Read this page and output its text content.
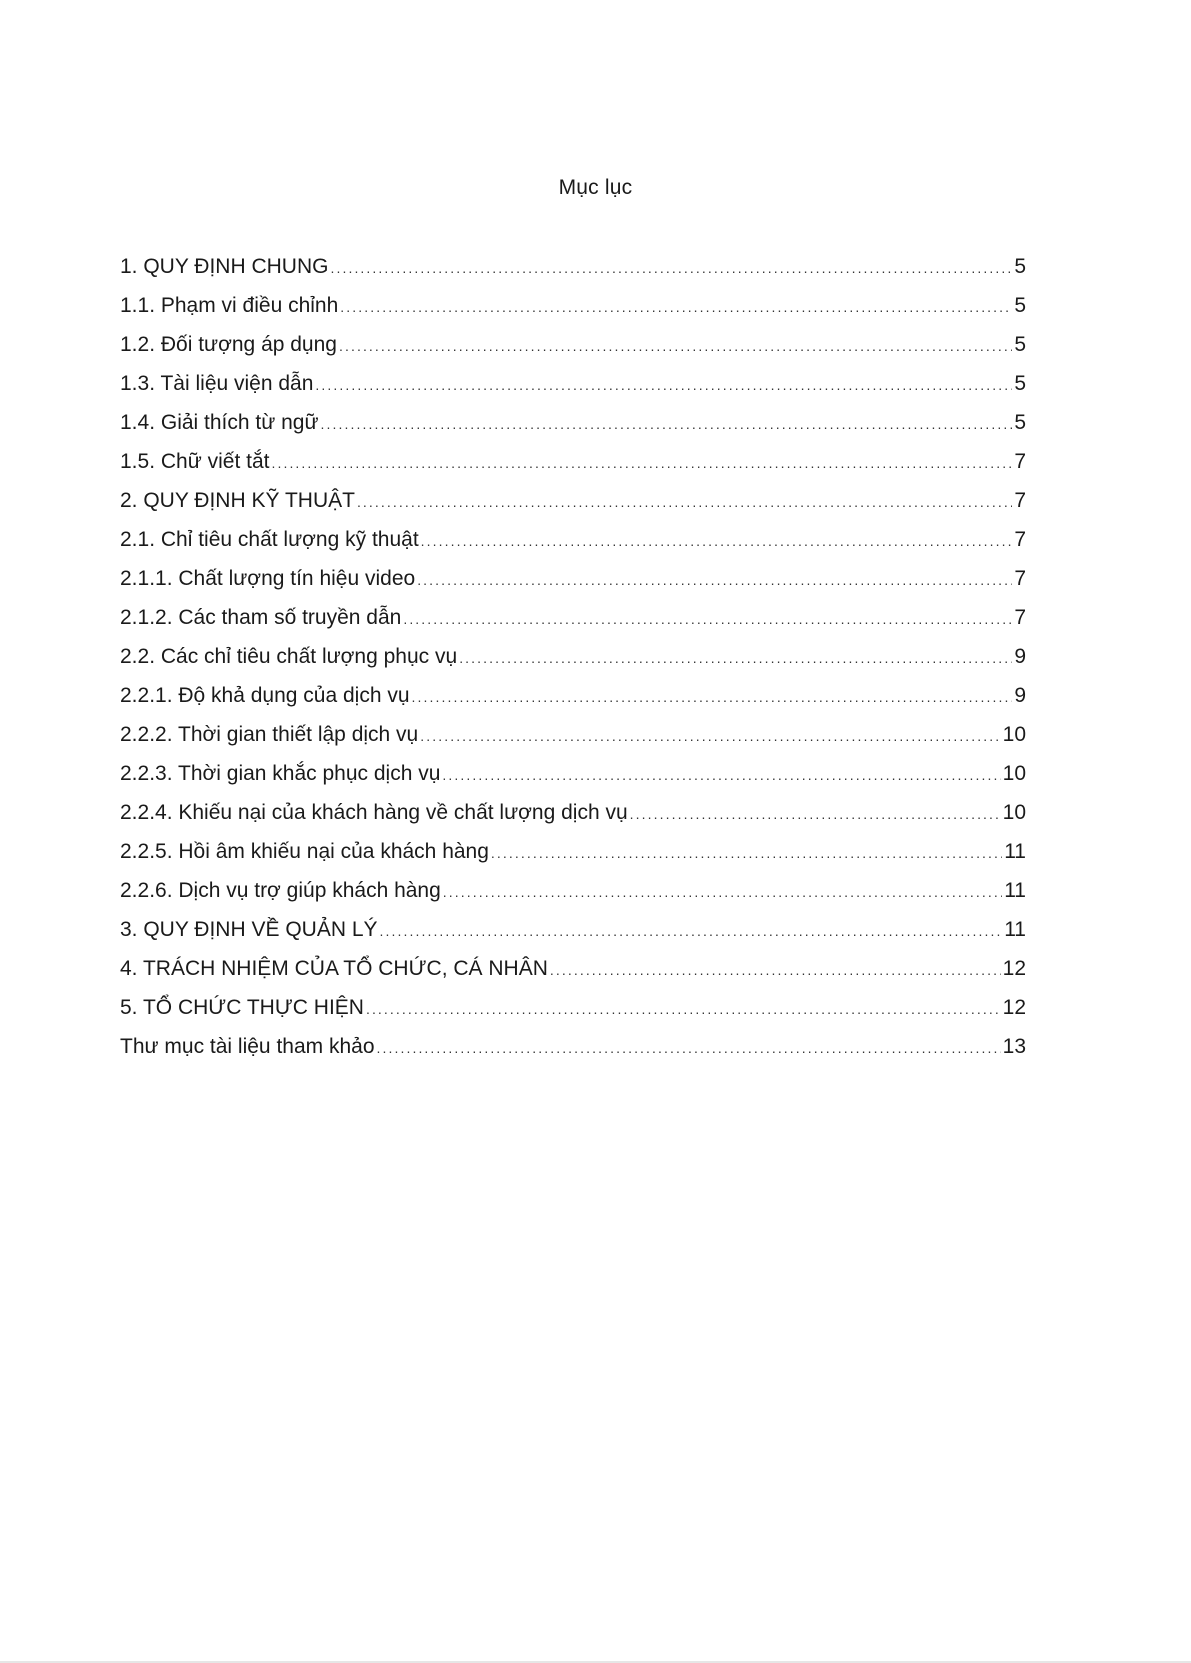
Mục lục
1. QUY ĐỊNH CHUNG .....	5
1.1. Phạm vi điều chỉnh .....	5
1.2. Đối tượng áp dụng .....	5
1.3. Tài liệu viện dẫn .....	5
1.4. Giải thích từ ngữ .....	5
1.5. Chữ viết tắt .....	7
2. QUY ĐỊNH KỸ THUẬT .....	7
2.1. Chỉ tiêu chất lượng kỹ thuật .....	7
2.1.1. Chất lượng tín hiệu video .....	7
2.1.2. Các tham số truyền dẫn .....	7
2.2. Các chỉ tiêu chất lượng phục vụ .....	9
2.2.1. Độ khả dụng của dịch vụ .....	9
2.2.2. Thời gian thiết lập dịch vụ .....	10
2.2.3. Thời gian khắc phục dịch vụ .....	10
2.2.4. Khiếu nại của khách hàng về chất lượng dịch vụ .....	10
2.2.5. Hồi âm khiếu nại của khách hàng .....	11
2.2.6. Dịch vụ trợ giúp khách hàng .....	11
3. QUY ĐỊNH VỀ QUẢN LÝ .....	11
4. TRÁCH NHIỆM CỦA TỔ CHỨC, CÁ NHÂN .....	12
5. TỔ CHỨC THỰC HIỆN .....	12
Thư mục tài liệu tham khảo .....	13
